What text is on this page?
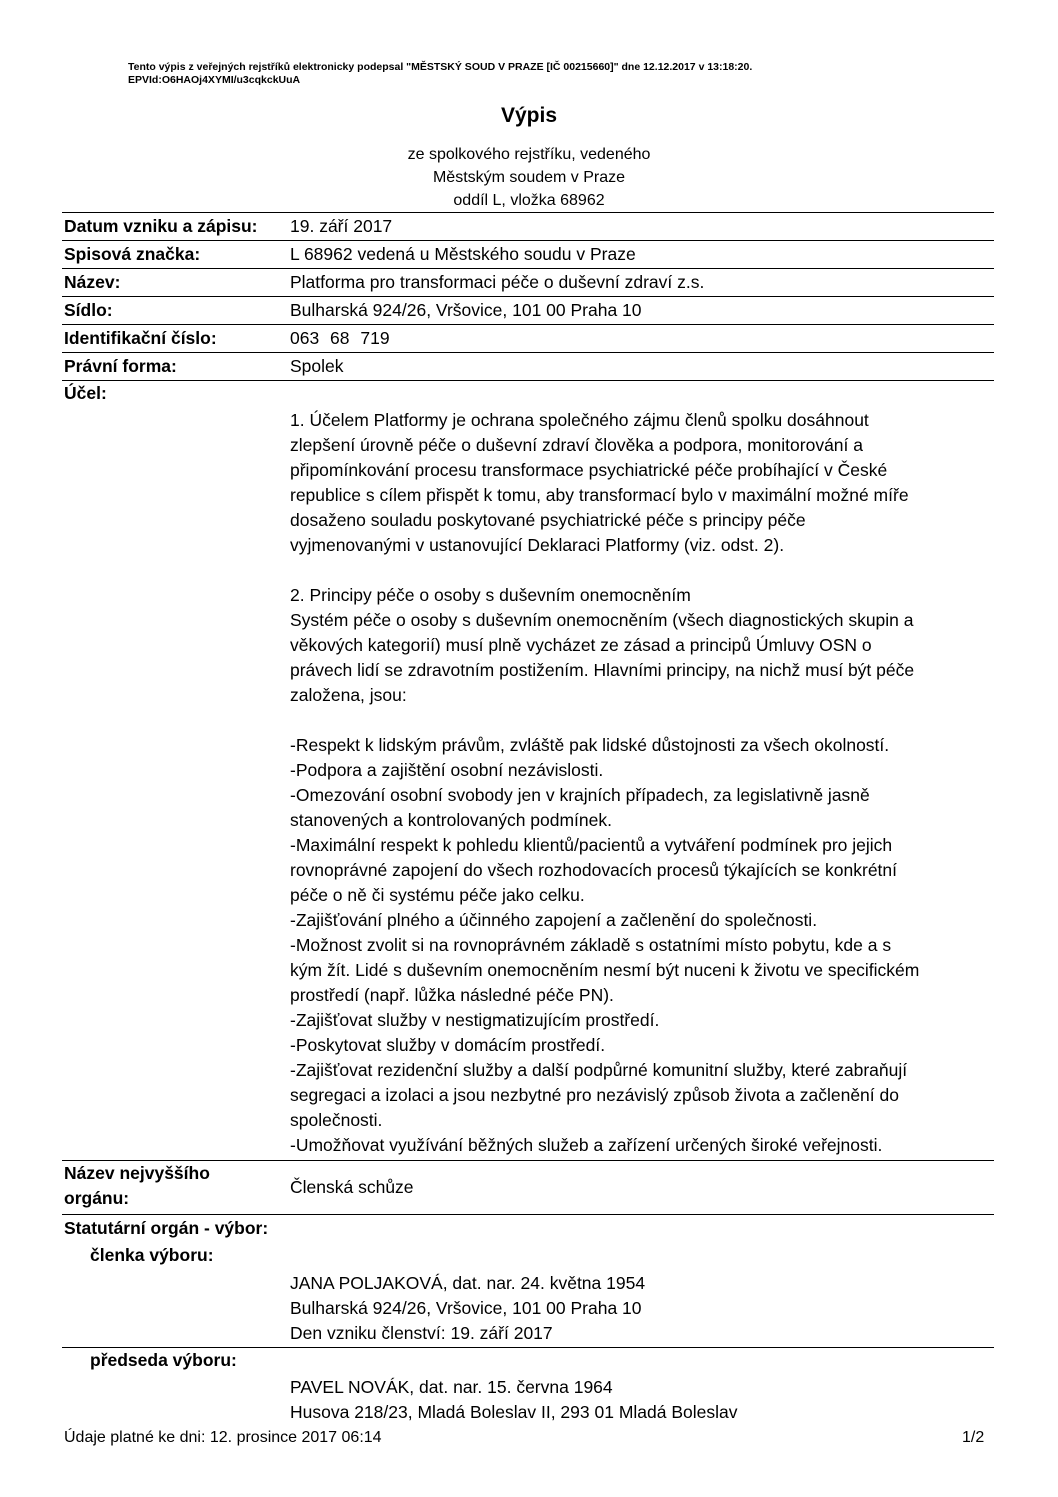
Tento výpis z veřejných rejstříků elektronicky podepsal "MĚSTSKÝ SOUD V PRAZE [IČ 00215660]" dne 12.12.2017 v 13:18:20.
EPVId:O6HAOj4XYMI/u3cqkckUuA
Výpis
ze spolkového rejstříku, vedeného
Městským soudem v Praze
oddíl L, vložka 68962
Datum vzniku a zápisu: 19. září 2017
Spisová značka:	L 68962 vedená u Městského soudu v Praze
Název:	Platforma pro transformaci péče o duševní zdraví z.s.
Sídlo:	Bulharská 924/26, Vršovice, 101 00 Praha 10
Identifikační číslo:	063 68 719
Právní forma:	Spolek
Účel:
1. Účelem Platformy je ochrana společného zájmu členů spolku dosáhnout
zlepšení úrovně péče o duševní zdraví člověka a podpora, monitorování a
připomínkování procesu transformace psychiatrické péče probíhající v České
republice s cílem přispět k tomu, aby transformací bylo v maximální možné míře
dosaženo souladu poskytované psychiatrické péče s principy péče
vyjmenovanými v ustanovující Deklaraci Platformy (viz. odst. 2).
2. Principy péče o osoby s duševním onemocněním
Systém péče o osoby s duševním onemocněním (všech diagnostických skupin a
věkových kategorií) musí plně vycházet ze zásad a principů Úmluvy OSN o
právech lidí se zdravotním postižením. Hlavními principy, na nichž musí být péče
založena, jsou:
-Respekt k lidským právům, zvláště pak lidské důstojnosti za všech okolností.
-Podpora a zajištění osobní nezávislosti.
-Omezování osobní svobody jen v krajních případech, za legislativně jasně
stanovených a kontrolovaných podmínek.
-Maximální respekt k pohledu klientů/pacientů a vytváření podmínek pro jejich
rovnoprávné zapojení do všech rozhodovacích procesů týkajících se konkrétní
péče o ně či systému péče jako celku.
-Zajišťování plného a účinného zapojení a začlenění do společnosti.
-Možnost zvolit si na rovnoprávném základě s ostatními místo pobytu, kde a s
kým žít. Lidé s duševním onemocněním nesmí být nuceni k životu ve specifickém
prostředí (např. lůžka následné péče PN).
-Zajišťovat služby v nestigmatizujícím prostředí.
-Poskytovat služby v domácím prostředí.
-Zajišťovat rezidenční služby a další podpůrné komunitní služby, které zabraňují
segregaci a izolaci a jsou nezbytné pro nezávislý způsob života a začlenění do
společnosti.
-Umožňovat využívání běžných služeb a zařízení určených široké veřejnosti.
Název nejvyššího
orgánu:
Členská schůze
Statutární orgán - výbor:
členka výboru:
JANA POLJAKOVÁ, dat. nar. 24. května 1954
Bulharská 924/26, Vršovice, 101 00 Praha 10
Den vzniku členství: 19. září 2017
předseda výboru:
PAVEL NOVÁK, dat. nar. 15. června 1964
Husova 218/23, Mladá Boleslav II, 293 01 Mladá Boleslav
Údaje platné ke dni: 12. prosince 2017 06:14	1/2
